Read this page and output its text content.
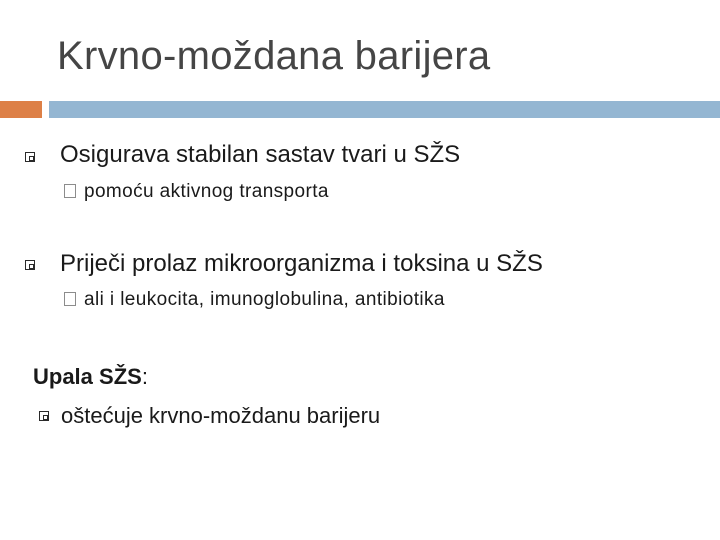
Krvno-moždana barijera
Osigurava stabilan sastav tvari u SŽS
pomoću aktivnog transporta
Priječi prolaz mikroorganizma i toksina u SŽS
ali i leukocita, imunoglobulina, antibiotika
Upala SŽS:
oštećuje krvno-moždanu barijeru
